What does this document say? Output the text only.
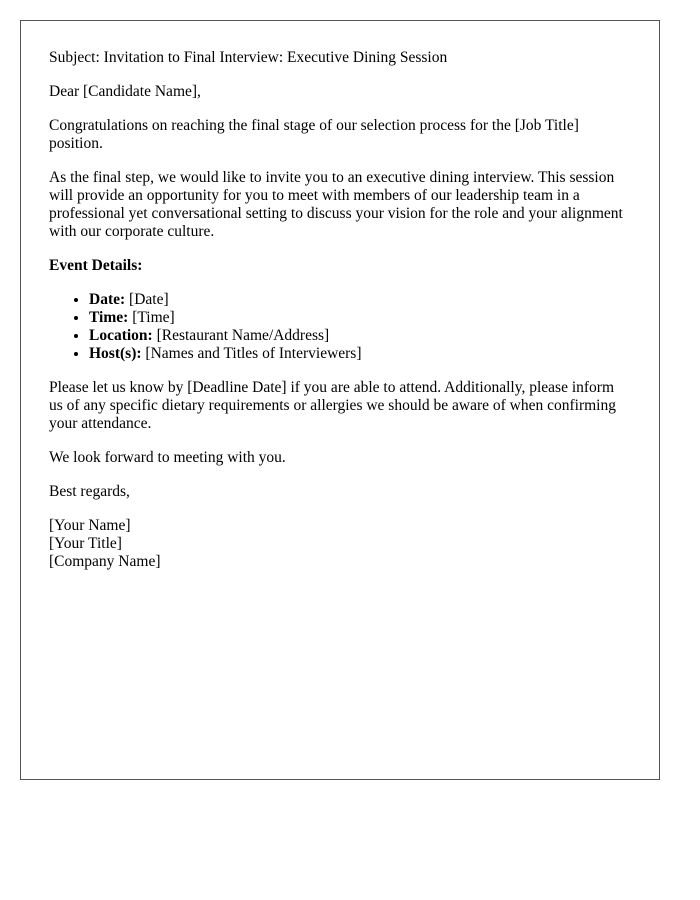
Subject: Invitation to Final Interview: Executive Dining Session

Dear [Candidate Name],

Congratulations on reaching the final stage of our selection process for the [Job Title] position.

As the final step, we would like to invite you to an executive dining interview. This session will provide an opportunity for you to meet with members of our leadership team in a professional yet conversational setting to discuss your vision for the role and your alignment with our corporate culture.

Event Details:

• Date: [Date]
• Time: [Time]
• Location: [Restaurant Name/Address]
• Host(s): [Names and Titles of Interviewers]

Please let us know by [Deadline Date] if you are able to attend. Additionally, please inform us of any specific dietary requirements or allergies we should be aware of when confirming your attendance.

We look forward to meeting with you.

Best regards,

[Your Name]
[Your Title]
[Company Name]
